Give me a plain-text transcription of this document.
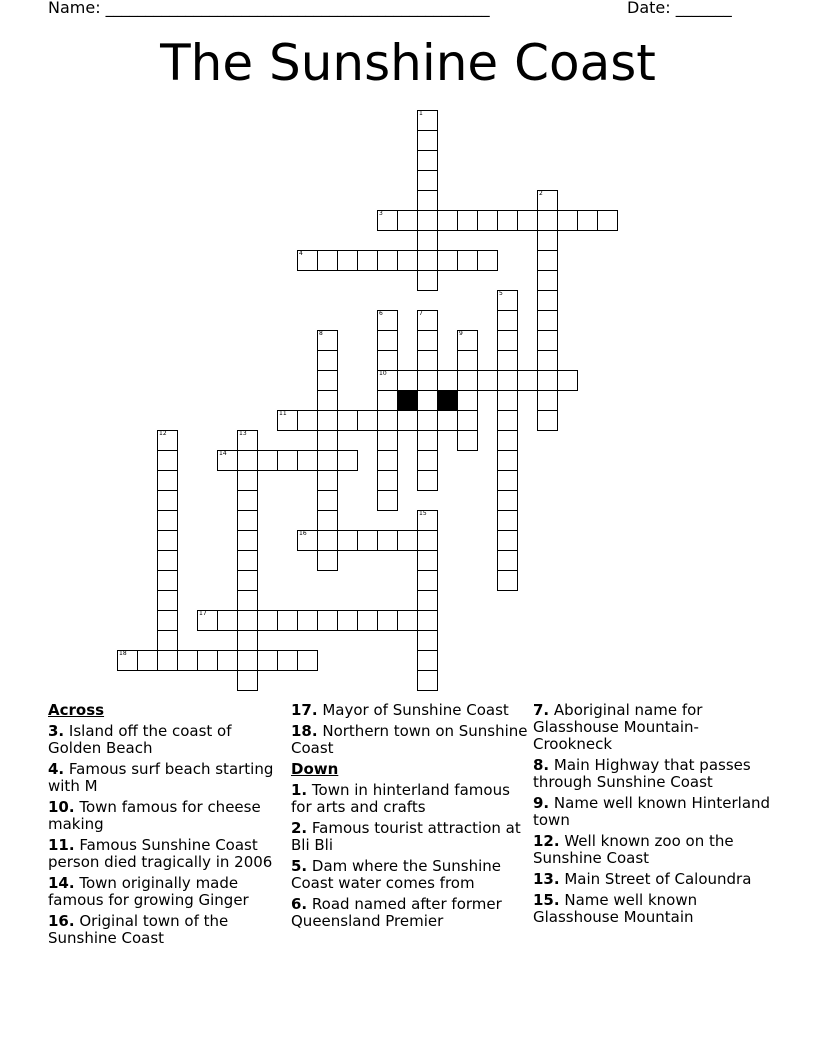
Name: ________________________________________________	Date: _______
The Sunshine Coast
1
2
3
4
5
6	7
8	9
10
11
12	13
14
15
16
17
18
Across
3. Island off the coast of Golden Beach
4. Famous surf beach starting with M
10. Town famous for cheese making
11. Famous Sunshine Coast person died tragically in 2006
14. Town originally made famous for growing Ginger
16. Original town of the Sunshine Coast
17. Mayor of Sunshine Coast
18. Northern town on Sunshine Coast
Down
1. Town in hinterland famous for arts and crafts
2. Famous tourist attraction at Bli Bli
5. Dam where the Sunshine Coast water comes from
6. Road named after former Queensland Premier
7. Aboriginal name for Glasshouse Mountain- Crookneck
8. Main Highway that passes through Sunshine Coast
9. Name well known Hinterland town
12. Well known zoo on the Sunshine Coast
13. Main Street of Caloundra
15. Name well known Glasshouse Mountain
